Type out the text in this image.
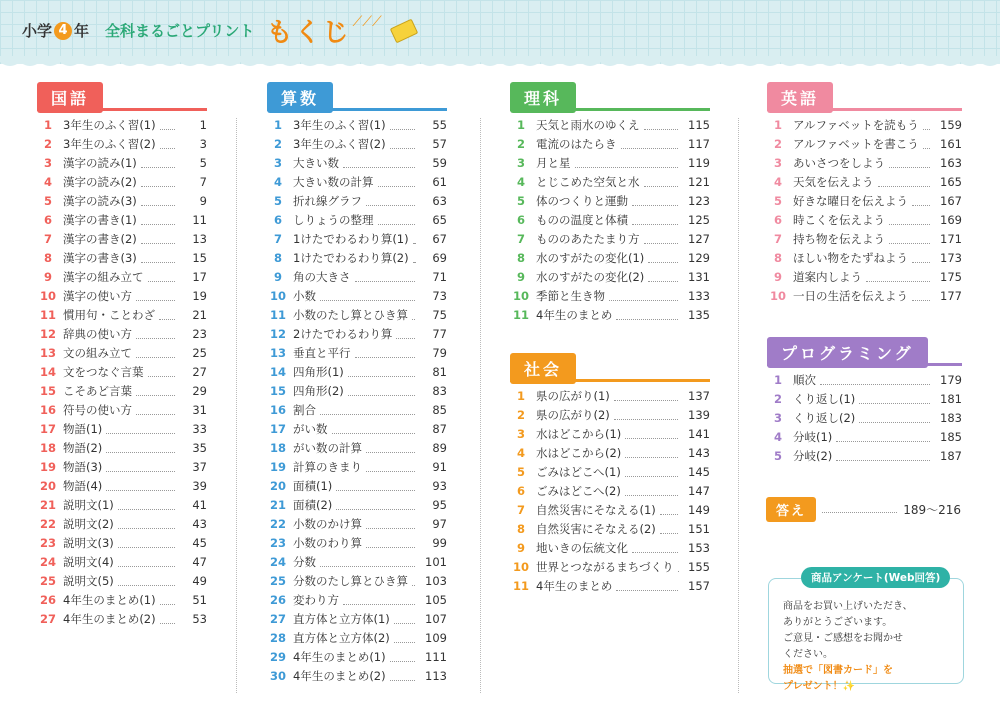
小学 4 年 全科まるごとプリント もくじ ⟋⟋⟋
国語
1 3年生のふく習(1)	1
2 3年生のふく習(2)	3
3 漢字の読み(1)	5
4 漢字の読み(2)	7
5 漢字の読み(3)	9
6 漢字の書き(1)	11
7 漢字の書き(2)	13
8 漢字の書き(3)	15
9 漢字の組み立て	17
10 漢字の使い方	19
11 慣用句・ことわざ	21
12 辞典の使い方	23
13 文の組み立て	25
14 文をつなぐ言葉	27
15 こそあど言葉	29
16 符号の使い方	31
17 物語(1)	33
18 物語(2)	35
19 物語(3)	37
20 物語(4)	39
21 説明文(1)	41
22 説明文(2)	43
23 説明文(3)	45
24 説明文(4)	47
25 説明文(5)	49
26 4年生のまとめ(1)	51
27 4年生のまとめ(2)	53
算数
1 3年生のふく習(1)	55
2 3年生のふく習(2)	57
3 大きい数	59
4 大きい数の計算	61
5 折れ線グラフ	63
6 しりょうの整理	65
7 1けたでわるわり算(1)	67
8 1けたでわるわり算(2)	69
9 角の大きさ	71
10 小数	73
11 小数のたし算とひき算	75
12 2けたでわるわり算	77
13 垂直と平行	79
14 四角形(1)	81
15 四角形(2)	83
16 割合	85
17 がい数	87
18 がい数の計算	89
19 計算のきまり	91
20 面積(1)	93
21 面積(2)	95
22 小数のかけ算	97
23 小数のわり算	99
24 分数	101
25 分数のたし算とひき算	103
26 変わり方	105
27 直方体と立方体(1)	107
28 直方体と立方体(2)	109
29 4年生のまとめ(1)	111
30 4年生のまとめ(2)	113
理科
1 天気と雨水のゆくえ	115
2 電流のはたらき	117
3 月と星	119
4 とじこめた空気と水	121
5 体のつくりと運動	123
6 ものの温度と体積	125
7 もののあたたまり方	127
8 水のすがたの変化(1)	129
9 水のすがたの変化(2)	131
10 季節と生き物	133
11 4年生のまとめ	135
社会
1 県の広がり(1)	137
2 県の広がり(2)	139
3 水はどこから(1)	141
4 水はどこから(2)	143
5 ごみはどこへ(1)	145
6 ごみはどこへ(2)	147
7 自然災害にそなえる(1)	149
8 自然災害にそなえる(2)	151
9 地いきの伝統文化	153
10 世界とつながるまちづくり	155
11 4年生のまとめ	157
英語
1 アルファベットを読もう	159
2 アルファベットを書こう	161
3 あいさつをしよう	163
4 天気を伝えよう	165
5 好きな曜日を伝えよう	167
6 時こくを伝えよう	169
7 持ち物を伝えよう	171
8 ほしい物をたずねよう	173
9 道案内しよう	175
10 一日の生活を伝えよう	177
プログラミング
1 順次	179
2 くり返し(1)	181
3 くり返し(2)	183
4 分岐(1)	185
5 分岐(2)	187
答え	189～216
商品アンケート(Web回答)
商品をお買い上げいただき、
ありがとうございます。
ご意見・ご感想をお聞かせ
ください。
抽選で「図書カード」を
プレゼント！✨
